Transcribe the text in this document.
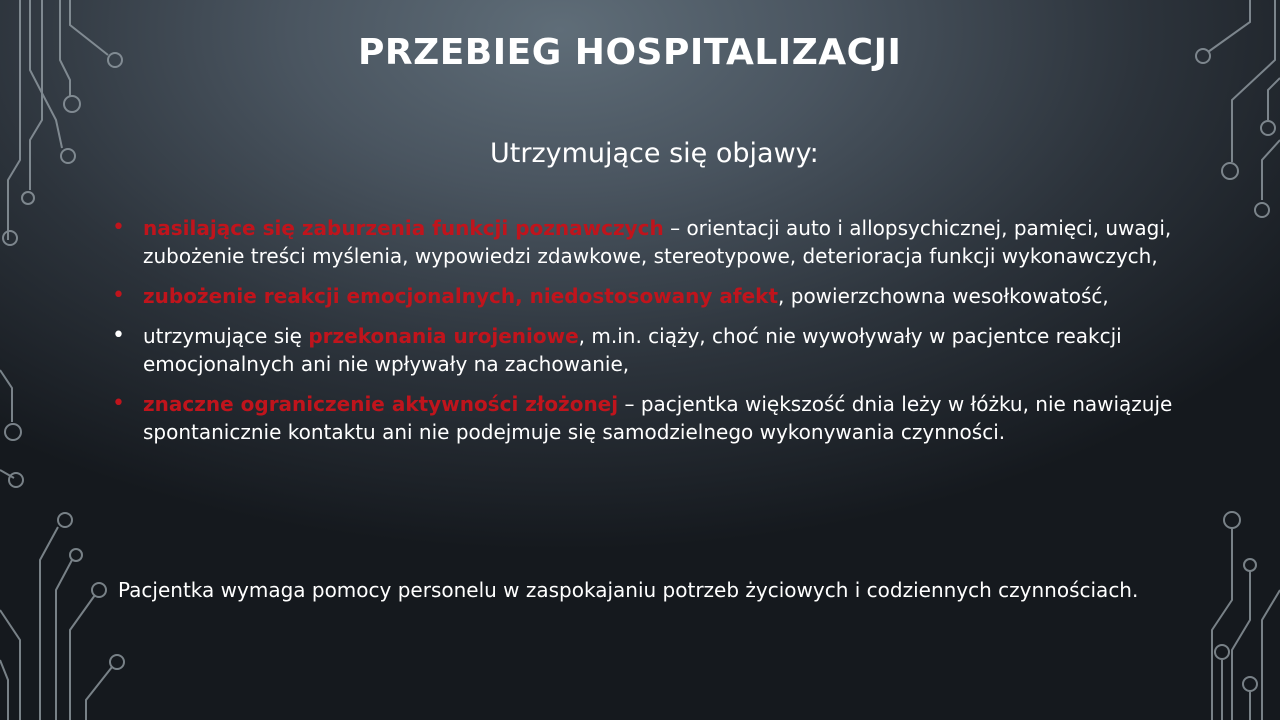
PRZEBIEG HOSPITALIZACJI
Utrzymujące się objawy:
• nasilające się zaburzenia funkcji poznawczych – orientacji auto i allopsychicznej, pamięci, uwagi, zubożenie treści myślenia, wypowiedzi zdawkowe, stereotypowe, deterioracja funkcji wykonawczych,
• zubożenie reakcji emocjonalnych, niedostosowany afekt, powierzchowna wesołkowatość,
• utrzymujące się przekonania urojeniowe, m.in. ciąży, choć nie wywoływały w pacjentce reakcji emocjonalnych ani nie wpływały na zachowanie,
• znaczne ograniczenie aktywności złożonej – pacjentka większość dnia leży w łóżku, nie nawiązuje spontanicznie kontaktu ani nie podejmuje się samodzielnego wykonywania czynności.
Pacjentka wymaga pomocy personelu w zaspokajaniu potrzeb życiowych i codziennych czynnościach.
